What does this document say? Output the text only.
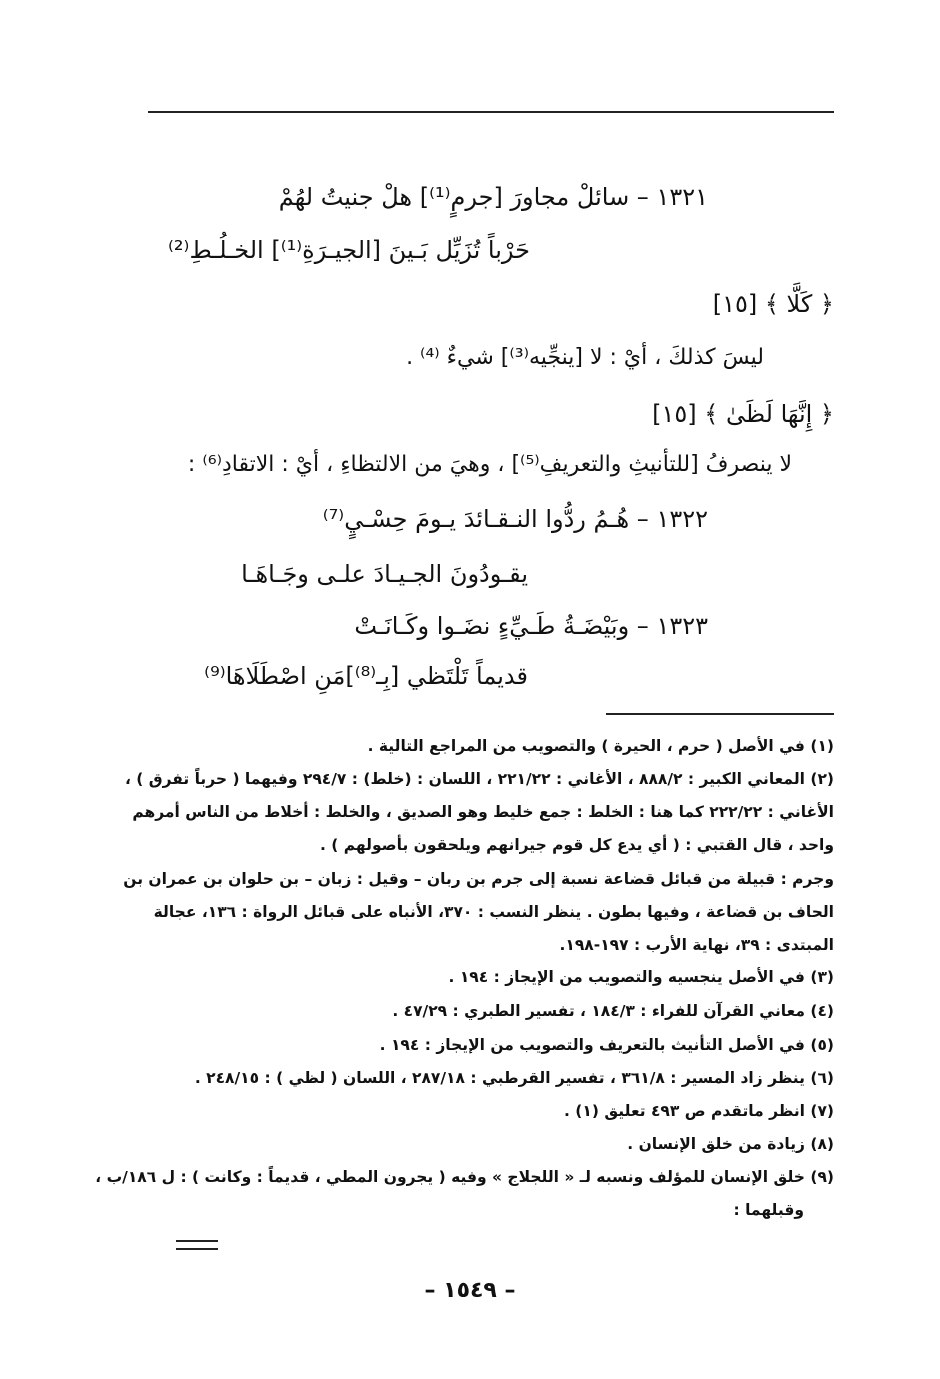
١٣٢١ – سائلْ مجاورَ [جرمٍ⁽¹⁾] هلْ جنيتُ لهُمْ
حَرْباً تُزَيِّل بَـينَ [الجيـرَةِ⁽¹⁾] الخـلُـطِ⁽²⁾
﴿ كَلَّا ﴾ [١٥]
ليسَ كذلكَ ، أيْ : لا [ينجِّيه⁽³⁾] شيءٌ ⁽⁴⁾ .
﴿ إِنَّهَا لَظَىٰ ﴾ [١٥]
لا ينصرفُ [للتأنيثِ والتعريفِ⁽⁵⁾] ، وهيَ من الالتظاءِ ، أيْ : الاتقادِ⁽⁶⁾ :
١٣٢٢ – هُـمُ ردُّوا النـقـائدَ يـومَ حِسْـيٍ⁽⁷⁾
يقـودُونَ الجـيـادَ علـى وجَـاهَـا
١٣٢٣ – وبَيْضَـةُ طَـيِّءٍ نضَـوا وكَـانَـتْ
قديماً تَلْتَظي [بِـ⁽⁸⁾]مَنِ اصْطَلَاهَا⁽⁹⁾
(١) في الأصل ( حرم ، الحيرة ) والتصويب من المراجع التالية .
(٢) المعاني الكبير : ٨٨٨/٢ ، الأغاني : ٢٢١/٢٢ ، اللسان : (خلط) : ٢٩٤/٧ وفيهما ( حرباً تفرق ) ،
الأغاني : ٢٢٢/٢٢ كما هنا : الخلط : جمع خليط وهو الصديق ، والخلط : أخلاط من الناس أمرهم
واحد ، قال القتبي : ( أي يدع كل قوم جيرانهم ويلحقون بأصولهم ) .
وجرم : قبيلة من قبائل قضاعة نسبة إلى جرم بن ربان – وقيل : زبان – بن حلوان بن عمران بن
الحاف بن قضاعة ، وفيها بطون . ينظر النسب : ٣٧٠، الأنباه على قبائل الرواة : ١٣٦، عجالة
المبتدى : ٣٩، نهاية الأرب : ١٩٧-١٩٨.
(٣) في الأصل ينجسيه والتصويب من الإيجاز : ١٩٤ .
(٤) معاني القرآن للفراء : ١٨٤/٣ ، تفسير الطبري : ٤٧/٢٩ .
(٥) في الأصل التأنيث بالتعريف والتصويب من الإيجاز : ١٩٤ .
(٦) ينظر زاد المسير : ٣٦١/٨ ، تفسير القرطبي : ٢٨٧/١٨ ، اللسان ( لظي ) : ٢٤٨/١٥ .
(٧) انظر ماتقدم ص ٤٩٣ تعليق (١) .
(٨) زيادة من خلق الإنسان .
(٩) خلق الإنسان للمؤلف ونسبه لـ « اللجلاج » وفيه ( يجرون المطي ، قديماً : وكانت ) : ل ١٨٦/ب ،
وقبلهما :
– ١٥٤٩ –
